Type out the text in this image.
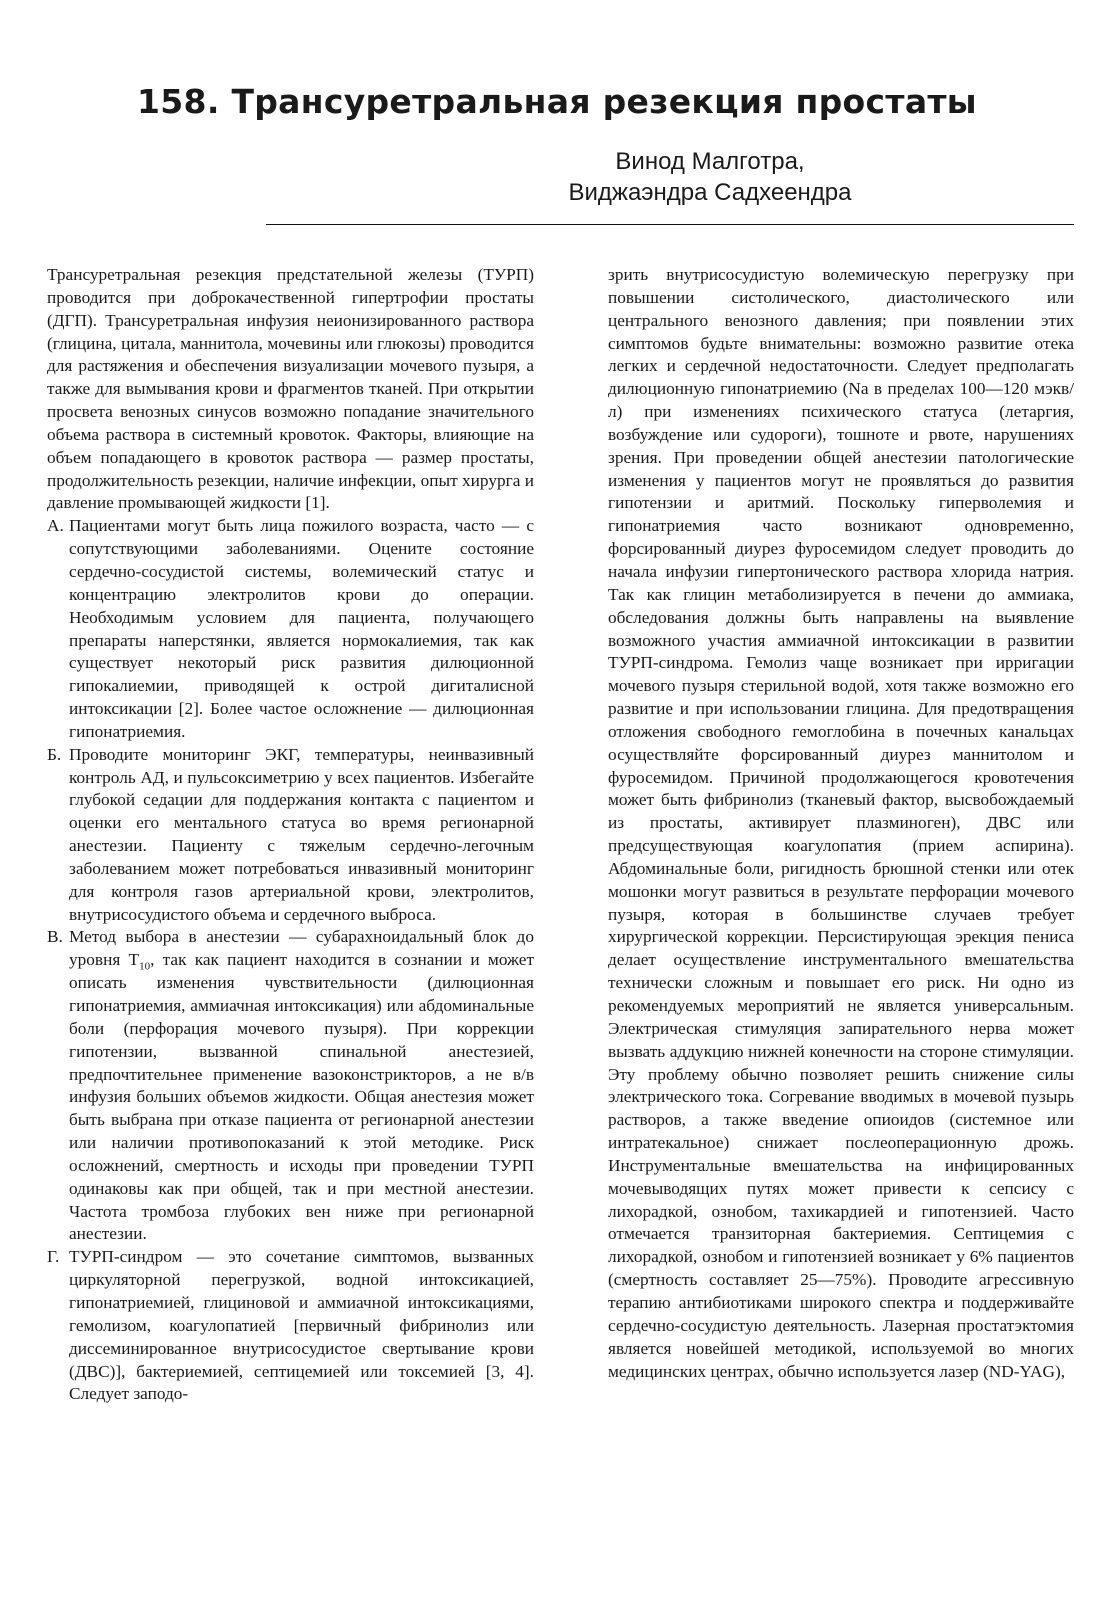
158. Трансуретральная резекция простаты

Винод Малготра,

Виджаэндра Садхеендра

Трансуретральная резекция предстательной железы (ТУРП) проводится при доброкачественной гипертрофии простаты (ДГП). Трансуретральная инфузия неионизированного раствора (глицина, цитала, маннитола, мочевины или глюкозы) проводится для растяжения и обеспечения визуализации мочевого пузыря, а также для вымывания крови и фрагментов тканей. При открытии просвета венозных синусов возможно попадание значительного объема раствора в системный кровоток. Факторы, влияющие на объем попадающего в кровоток раствора — размер простаты, продолжительность резекции, наличие инфекции, опыт хирурга и давление промывающей жидкости [1].

А. Пациентами могут быть лица пожилого возраста, часто — с сопутствующими заболеваниями. Оцените состояние сердечно-сосудистой системы, волемический статус и концентрацию электролитов крови до операции. Необходимым условием для пациента, получающего препараты наперстянки, является нормокалиемия, так как существует некоторый риск развития дилюционной гипокалиемии, приводящей к острой дигиталисной интоксикации [2]. Более частое осложнение — дилюционная гипонатриемия.

Б. Проводите мониторинг ЭКГ, температуры, неинвазивный контроль АД, и пульсоксиметрию у всех пациентов. Избегайте глубокой седации для поддержания контакта с пациентом и оценки его ментального статуса во время регионарной анестезии. Пациенту с тяжелым сердечно-легочным заболеванием может потребоваться инвазивный мониторинг для контроля газов артериальной крови, электролитов, внутрисосудистого объема и сердечного выброса.

В. Метод выбора в анестезии — субарахноидальный блок до уровня $T_{10}$, так как пациент находится в сознании и может описать изменения чувствительности (дилюционная гипонатриемия, аммиачная интоксикация) или абдоминальные боли (перфорация мочевого пузыря). При коррекции гипотензии, вызванной спинальной анестезией, предпочтительнее применение вазоконстрикторов, а не в/в инфузия больших объемов жидкости. Общая анестезия может быть выбрана при отказе пациента от регионарной анестезии или наличии противопоказаний к этой методике. Риск осложнений, смертность и исходы при проведении ТУРП одинаковы как при общей, так и при местной анестезии. Частота тромбоза глубоких вен ниже при регионарной анестезии.

Г. ТУРП-синдром — это сочетание симптомов, вызванных циркуляторной перегрузкой, водной интоксикацией, гипонатриемией, глициновой и аммиачной интоксикациями, гемолизом, коагулопатией [первичный фибринолиз или диссеминированное внутрисосудистое свертывание крови (ДВС)], бактериемией, септицемией или токсемией [3, 4]. Следует заподо-

зрить внутрисосудистую волемическую перегрузку при повышении систолического, диастолического или центрального венозного давления; при появлении этих симптомов будьте внимательны: возможно развитие отека легких и сердечной недостаточности. Следует предполагать дилюционную гипонатриемию (Na в пределах 100—120 мэкв/л) при изменениях психического статуса (летаргия, возбуждение или судороги), тошноте и рвоте, нарушениях зрения. При проведении общей анестезии патологические изменения у пациентов могут не проявляться до развития гипотензии и аритмий. Поскольку гиперволемия и гипонатриемия часто возникают одновременно, форсированный диурез фуросемидом следует проводить до начала инфузии гипертонического раствора хлорида натрия. Так как глицин метаболизируется в печени до аммиака, обследования должны быть направлены на выявление возможного участия аммиачной интоксикации в развитии ТУРП-синдрома. Гемолиз чаще возникает при ирригации мочевого пузыря стерильной водой, хотя также возможно его развитие и при использовании глицина. Для предотвращения отложения свободного гемоглобина в почечных канальцах осуществляйте форсированный диурез маннитолом и фуросемидом. Причиной продолжающегося кровотечения может быть фибринолиз (тканевый фактор, высвобождаемый из простаты, активирует плазминоген), ДВС или предсуществующая коагулопатия (прием аспирина). Абдоминальные боли, ригидность брюшной стенки или отек мошонки могут развиться в результате перфорации мочевого пузыря, которая в большинстве случаев требует хирургической коррекции. Персистирующая эрекция пениса делает осуществление инструментального вмешательства технически сложным и повышает его риск. Ни одно из рекомендуемых мероприятий не является универсальным. Электрическая стимуляция запирательного нерва может вызвать аддукцию нижней конечности на стороне стимуляции. Эту проблему обычно позволяет решить снижение силы электрического тока. Согревание вводимых в мочевой пузырь растворов, а также введение опиоидов (системное или интратекальное) снижает послеоперационную дрожь. Инструментальные вмешательства на инфицированных мочевыводящих путях может привести к сепсису с лихорадкой, ознобом, тахикардией и гипотензией. Часто отмечается транзиторная бактериемия. Септицемия с лихорадкой, ознобом и гипотензией возникает у 6% пациентов (смертность составляет 25—75%). Проводите агрессивную терапию антибиотиками широкого спектра и поддерживайте сердечно-сосудистую деятельность. Лазерная простатэктомия является новейшей методикой, используемой во многих медицинских центрах, обычно используется лазер (ND-YAG),
